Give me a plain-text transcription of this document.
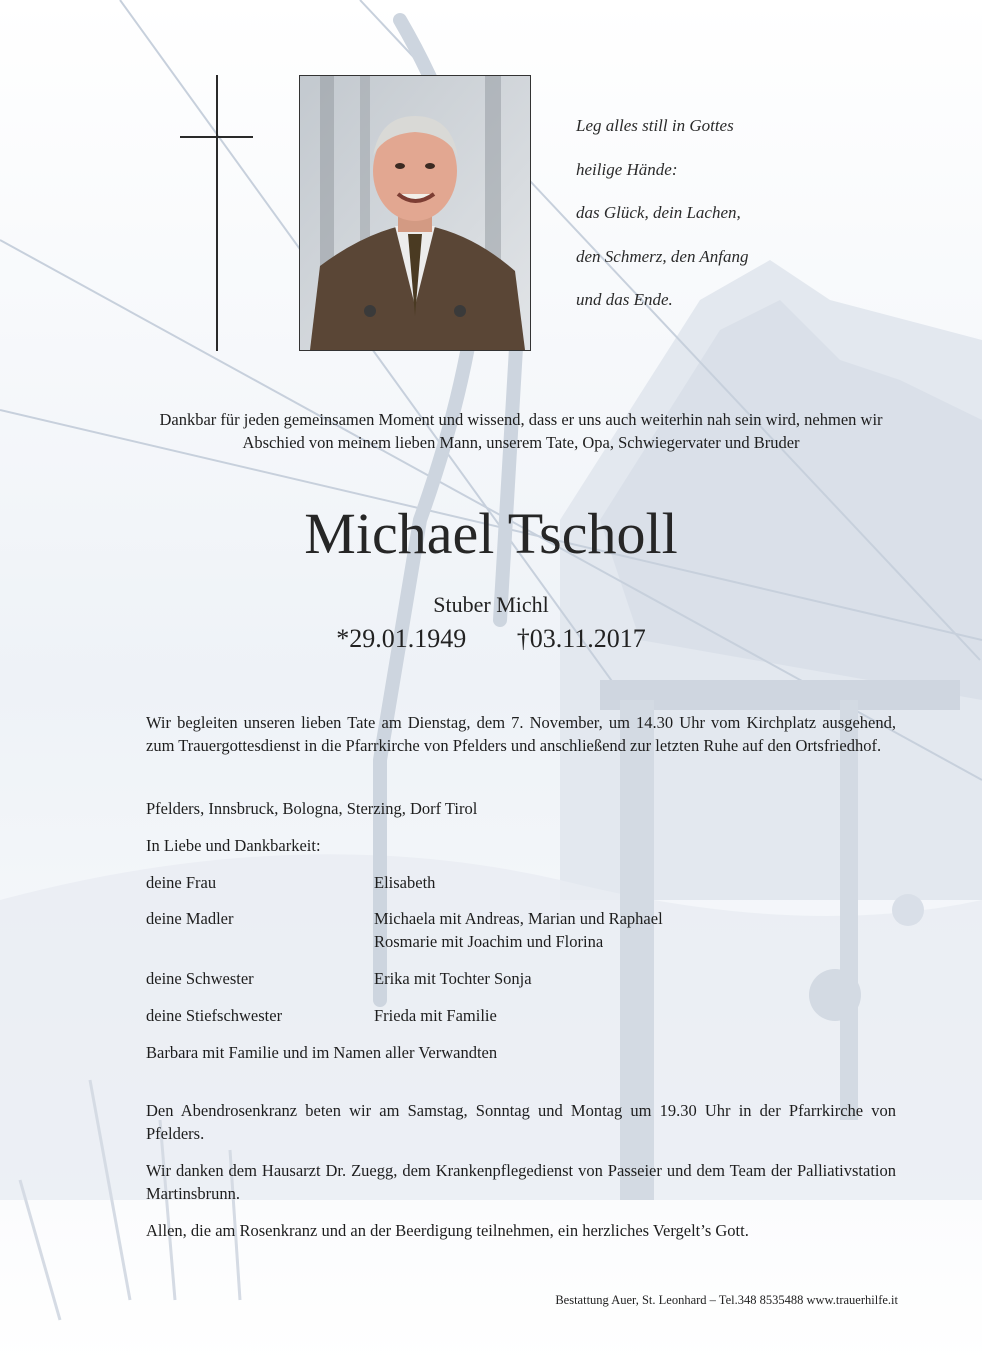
Leg alles still in Gottes
heilige Hände:
das Glück, dein Lachen,
den Schmerz, den Anfang
und das Ende.
Dankbar für jeden gemeinsamen Moment und wissend, dass er uns auch weiterhin nah sein wird, nehmen wir Abschied von meinem lieben Mann, unserem Tate, Opa, Schwiegervater und Bruder
Michael Tscholl
Stuber Michl
*29.01.1949 †03.11.2017
Wir begleiten unseren lieben Tate am Dienstag, dem 7. November, um 14.30 Uhr vom Kirchplatz ausgehend, zum Trauergottesdienst in die Pfarrkirche von Pfelders und anschließend zur letzten Ruhe auf den Ortsfriedhof.
Pfelders, Innsbruck, Bologna, Sterzing, Dorf Tirol
In Liebe und Dankbarkeit:
deine Frau	Elisabeth
deine Madler	Michaela mit Andreas, Marian und Raphael
Rosmarie mit Joachim und Florina
deine Schwester	Erika mit Tochter Sonja
deine Stiefschwester	Frieda mit Familie
Barbara mit Familie und im Namen aller Verwandten
Den Abendrosenkranz beten wir am Samstag, Sonntag und Montag um 19.30 Uhr in der Pfarrkirche von Pfelders.
Wir danken dem Hausarzt Dr. Zuegg, dem Krankenpflegedienst von Passeier und dem Team der Palliativstation Martinsbrunn.
Allen, die am Rosenkranz und an der Beerdigung teilnehmen, ein herzliches Vergelt’s Gott.
Bestattung Auer, St. Leonhard – Tel.348 8535488 www.trauerhilfe.it
